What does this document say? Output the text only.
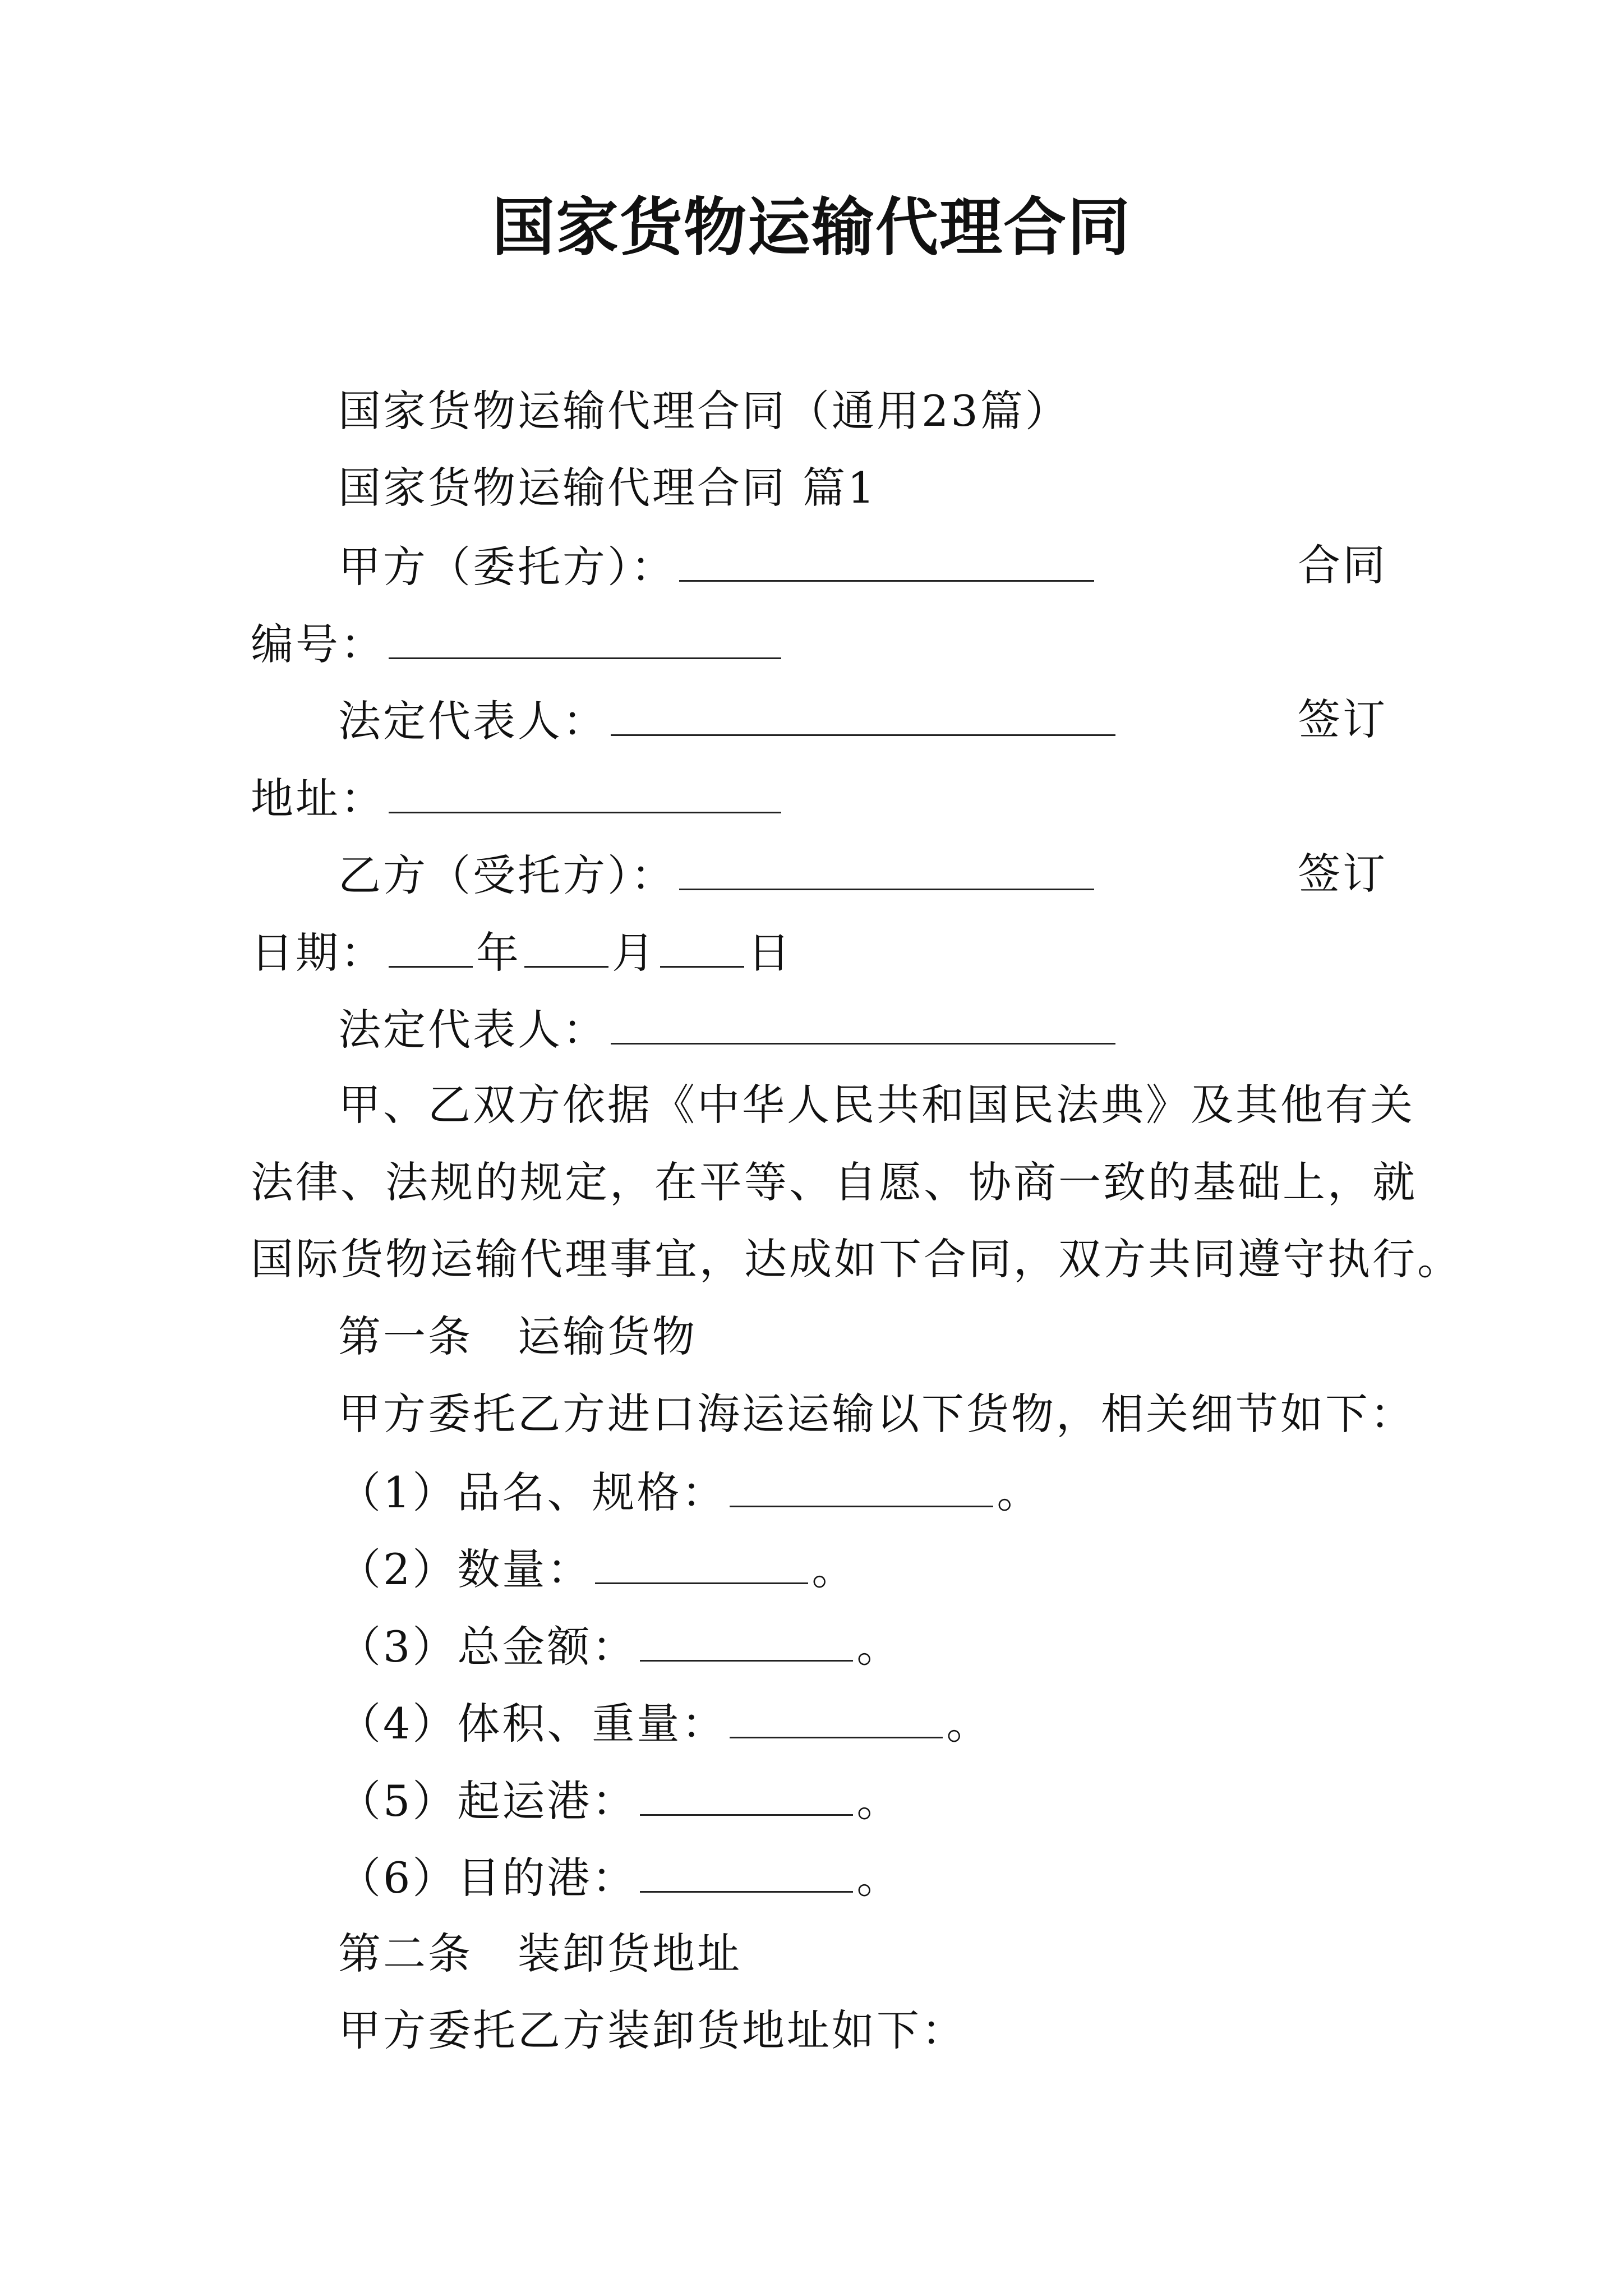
国家货物运输代理合同
国家货物运输代理合同（通用23篇）
国家货物运输代理合同 篇1
甲方（委托方）：	合同
编号：
法定代表人：	签订
地址：
乙方（受托方）：	签订
日期： 年 月 日
法定代表人：
甲、乙双方依据《中华人民共和国民法典》及其他有关
法律、法规的规定，在平等、自愿、协商一致的基础上，就
国际货物运输代理事宜，达成如下合同，双方共同遵守执行。
第一条　运输货物
甲方委托乙方进口海运运输以下货物，相关细节如下：
（1）品名、规格：	。
（2）数量：	。
（3）总金额：	。
（4）体积、重量：	。
（5）起运港：	。
（6）目的港：	。
第二条　装卸货地址
甲方委托乙方装卸货地址如下：
